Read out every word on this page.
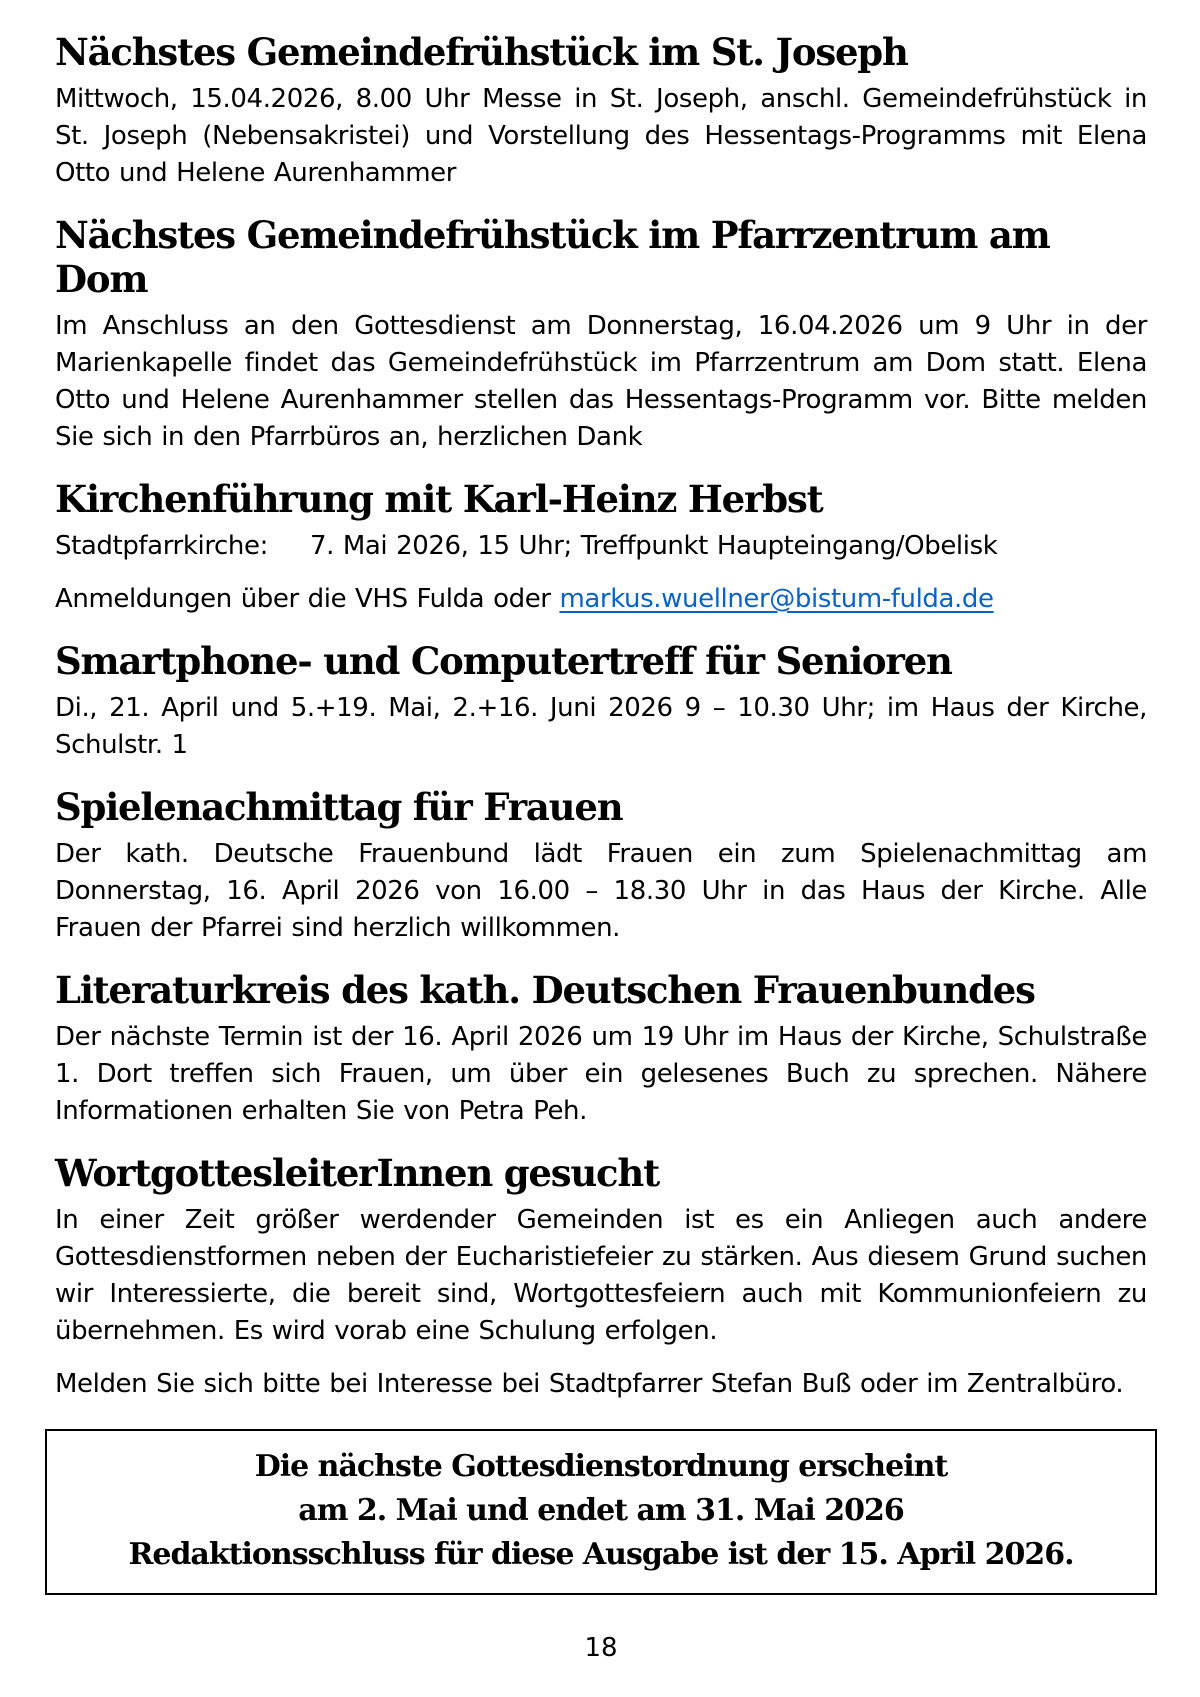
Nächstes Gemeindefrühstück im St. Joseph

Mittwoch, 15.04.2026, 8.00 Uhr Messe in St. Joseph, anschl. Gemeindefrühstück in St. Joseph (Nebensakristei) und Vorstellung des Hessentags-Programms mit Elena Otto und Helene Aurenhammer

Nächstes Gemeindefrühstück im Pfarrzentrum am Dom

Im Anschluss an den Gottesdienst am Donnerstag, 16.04.2026 um 9 Uhr in der Marienkapelle findet das Gemeindefrühstück im Pfarrzentrum am Dom statt. Elena Otto und Helene Aurenhammer stellen das Hessentags-Programm vor. Bitte melden Sie sich in den Pfarrbüros an, herzlichen Dank

Kirchenführung mit Karl-Heinz Herbst

Stadtpfarrkirche: 7. Mai 2026, 15 Uhr; Treffpunkt Haupteingang/Obelisk

Anmeldungen über die VHS Fulda oder markus.wuellner@bistum-fulda.de

Smartphone- und Computertreff für Senioren

Di., 21. April und 5.+19. Mai, 2.+16. Juni 2026 9 – 10.30 Uhr; im Haus der Kirche, Schulstr. 1

Spielenachmittag für Frauen

Der kath. Deutsche Frauenbund lädt Frauen ein zum Spielenachmittag am Donnerstag, 16. April 2026 von 16.00 – 18.30 Uhr in das Haus der Kirche. Alle Frauen der Pfarrei sind herzlich willkommen.

Literaturkreis des kath. Deutschen Frauenbundes

Der nächste Termin ist der 16. April 2026 um 19 Uhr im Haus der Kirche, Schulstraße 1. Dort treffen sich Frauen, um über ein gelesenes Buch zu sprechen. Nähere Informationen erhalten Sie von Petra Peh.

WortgottesleiterInnen gesucht

In einer Zeit größer werdender Gemeinden ist es ein Anliegen auch andere Gottesdienstformen neben der Eucharistiefeier zu stärken. Aus diesem Grund suchen wir Interessierte, die bereit sind, Wortgottesfeiern auch mit Kommunionfeiern zu übernehmen. Es wird vorab eine Schulung erfolgen.

Melden Sie sich bitte bei Interesse bei Stadtpfarrer Stefan Buß oder im Zentralbüro.

Die nächste Gottesdienstordnung erscheint

am 2. Mai und endet am 31. Mai 2026

Redaktionsschluss für diese Ausgabe ist der 15. April 2026.

18
